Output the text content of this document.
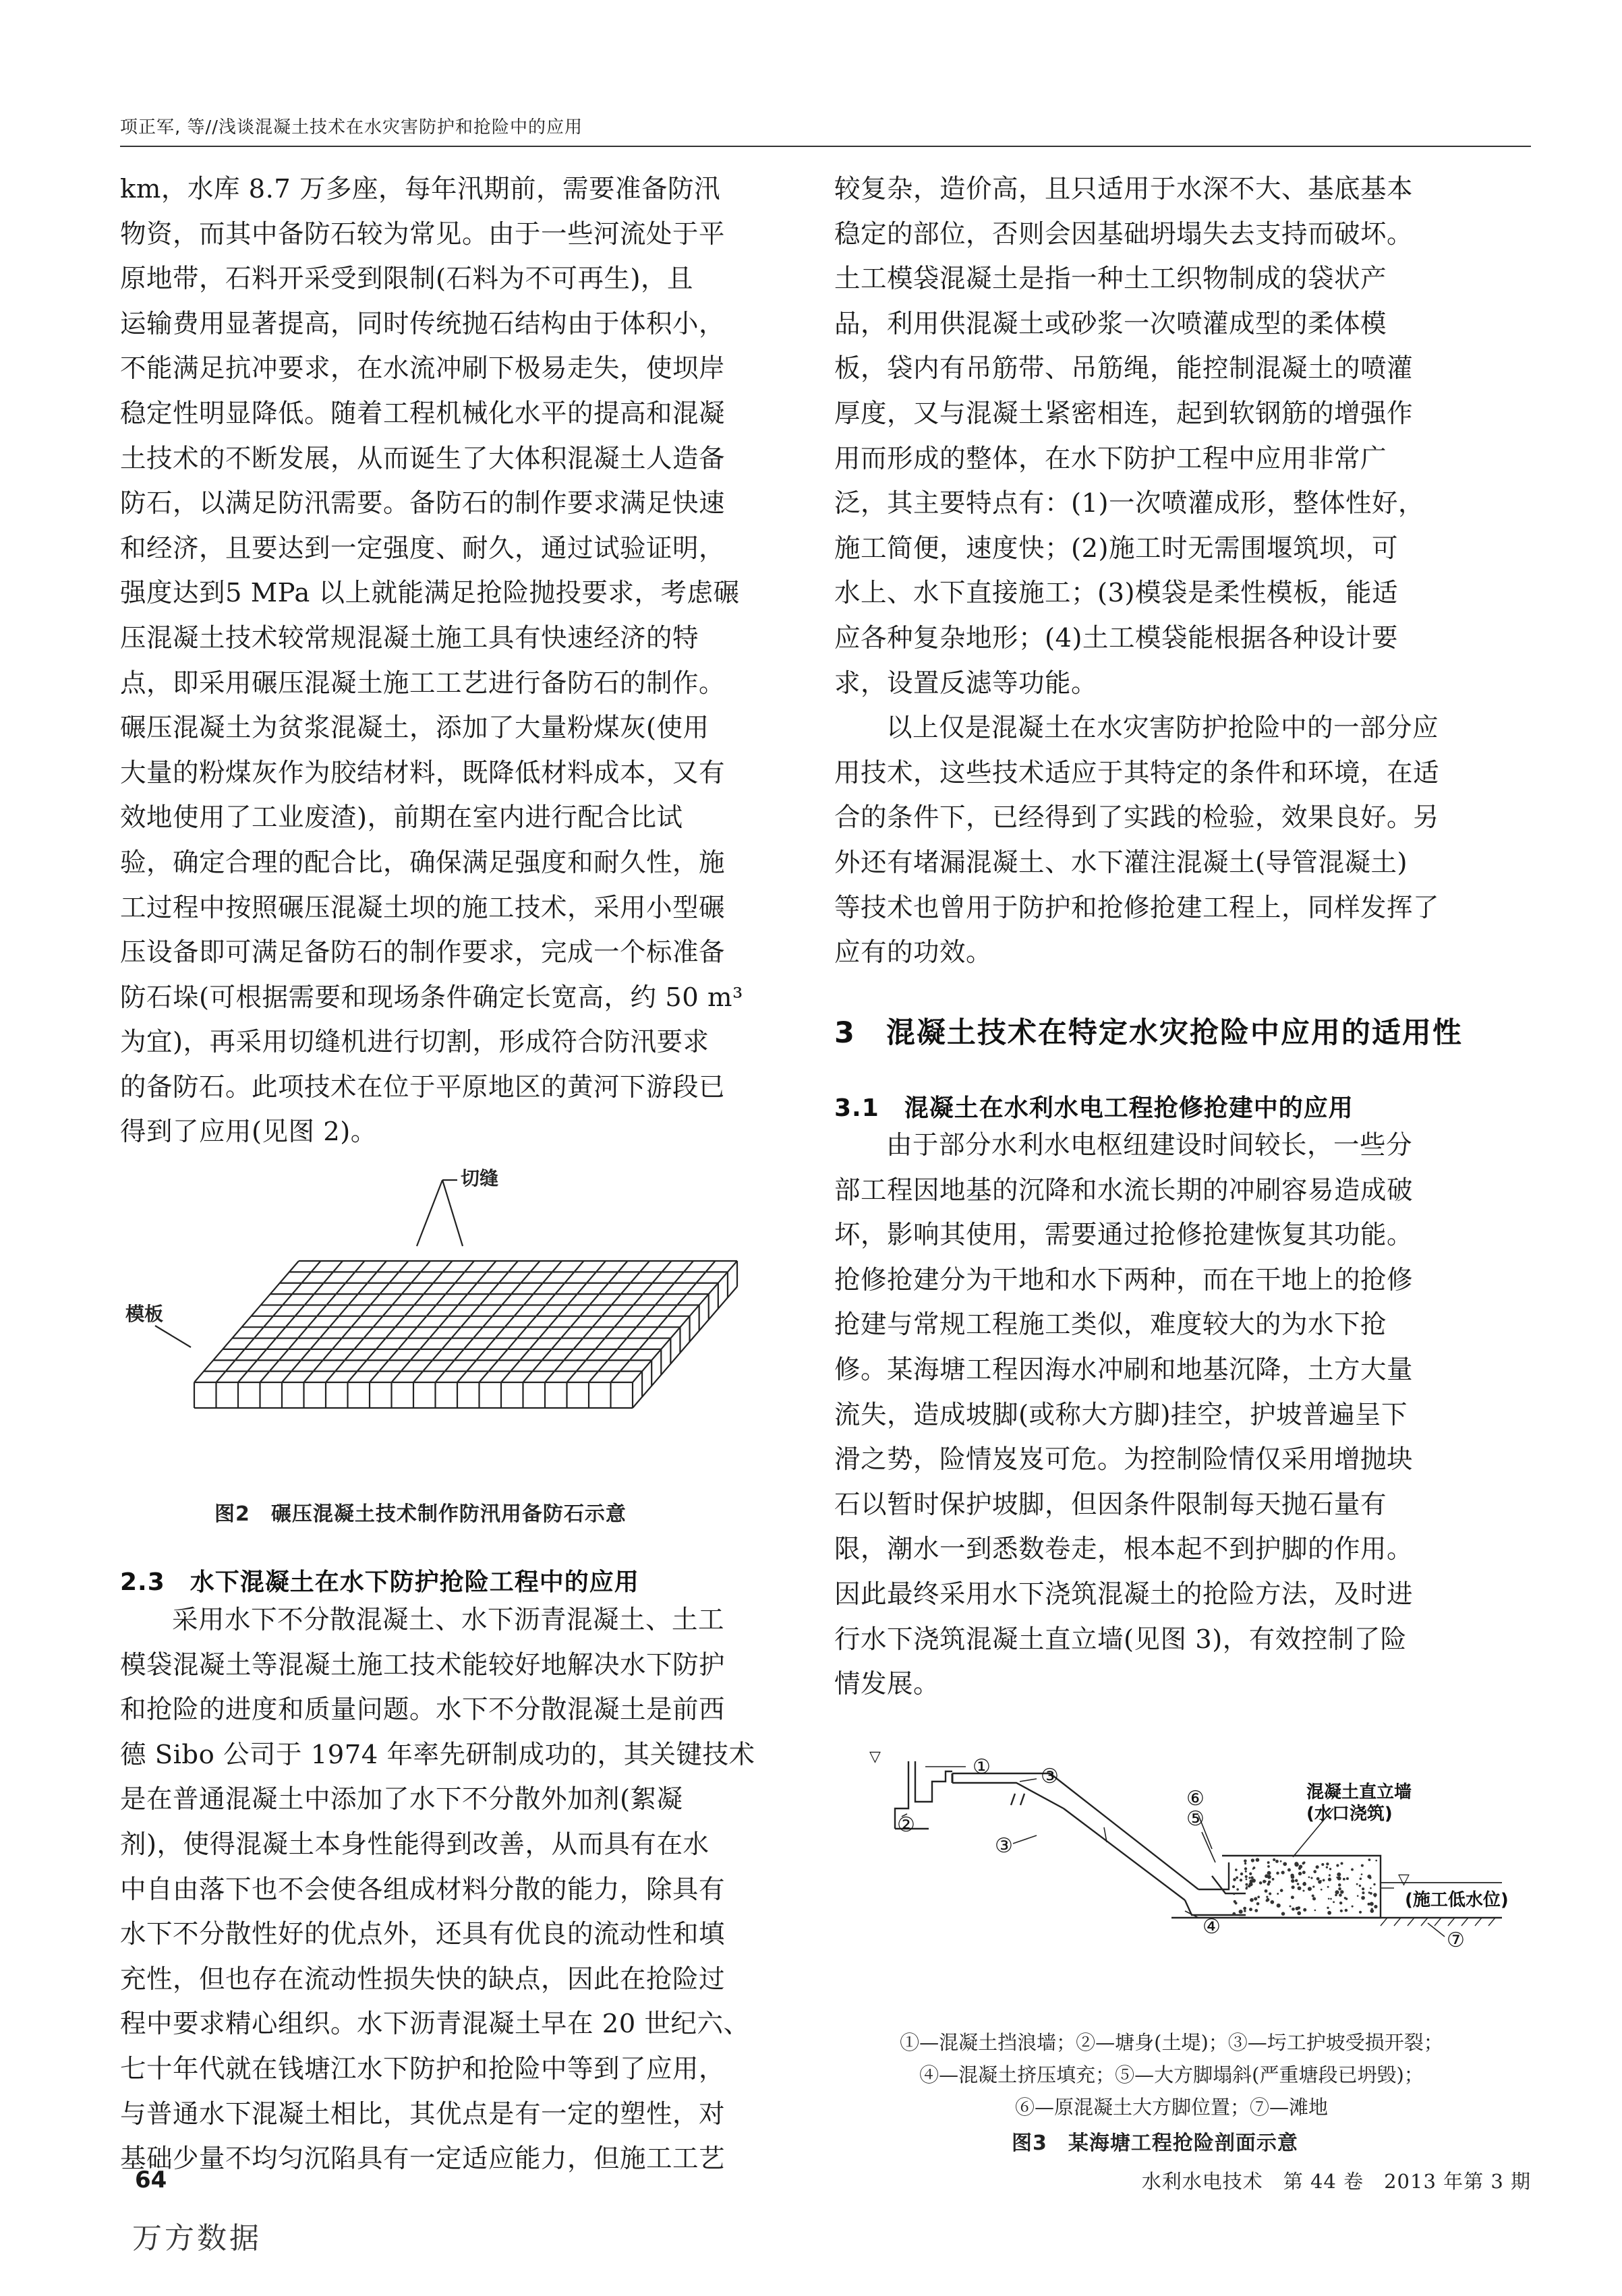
项正军, 等//浅谈混凝土技术在水灾害防护和抢险中的应用

km，水库 8.7 万多座，每年汛期前，需要准备防汛
物资，而其中备防石较为常见。由于一些河流处于平
原地带，石料开采受到限制(石料为不可再生)，且
运输费用显著提高，同时传统抛石结构由于体积小，
不能满足抗冲要求，在水流冲刷下极易走失，使坝岸
稳定性明显降低。随着工程机械化水平的提高和混凝
土技术的不断发展，从而诞生了大体积混凝土人造备
防石，以满足防汛需要。备防石的制作要求满足快速
和经济，且要达到一定强度、耐久，通过试验证明，
强度达到5 MPa 以上就能满足抢险抛投要求，考虑碾
压混凝土技术较常规混凝土施工具有快速经济的特
点，即采用碾压混凝土施工工艺进行备防石的制作。
碾压混凝土为贫浆混凝土，添加了大量粉煤灰(使用
大量的粉煤灰作为胶结材料，既降低材料成本，又有
效地使用了工业废渣)，前期在室内进行配合比试
验，确定合理的配合比，确保满足强度和耐久性，施
工过程中按照碾压混凝土坝的施工技术，采用小型碾
压设备即可满足备防石的制作要求，完成一个标准备
防石垛(可根据需要和现场条件确定长宽高，约 50 m³
为宜)，再采用切缝机进行切割，形成符合防汛要求
的备防石。此项技术在位于平原地区的黄河下游段已
得到了应用(见图 2)。

切缝
模板
图2　碾压混凝土技术制作防汛用备防石示意
2.3　水下混凝土在水下防护抢险工程中的应用

采用水下不分散混凝土、水下沥青混凝土、土工
模袋混凝土等混凝土施工技术能较好地解决水下防护
和抢险的进度和质量问题。水下不分散混凝土是前西
德 Sibo 公司于 1974 年率先研制成功的，其关键技术
是在普通混凝土中添加了水下不分散外加剂(絮凝
剂)，使得混凝土本身性能得到改善，从而具有在水
中自由落下也不会使各组成材料分散的能力，除具有
水下不分散性好的优点外，还具有优良的流动性和填
充性，但也存在流动性损失快的缺点，因此在抢险过
程中要求精心组织。水下沥青混凝土早在 20 世纪六、
七十年代就在钱塘江水下防护和抢险中等到了应用，
与普通水下混凝土相比，其优点是有一定的塑性，对
基础少量不均匀沉陷具有一定适应能力，但施工工艺

较复杂，造价高，且只适用于水深不大、基底基本
稳定的部位，否则会因基础坍塌失去支持而破坏。
土工模袋混凝土是指一种土工织物制成的袋状产
品，利用供混凝土或砂浆一次喷灌成型的柔体模
板，袋内有吊筋带、吊筋绳，能控制混凝土的喷灌
厚度，又与混凝土紧密相连，起到软钢筋的增强作
用而形成的整体，在水下防护工程中应用非常广
泛，其主要特点有：(1)一次喷灌成形，整体性好，
施工简便，速度快；(2)施工时无需围堰筑坝，可
水上、水下直接施工；(3)模袋是柔性模板，能适
应各种复杂地形；(4)土工模袋能根据各种设计要
求，设置反滤等功能。

以上仅是混凝土在水灾害防护抢险中的一部分应
用技术，这些技术适应于其特定的条件和环境，在适
合的条件下，已经得到了实践的检验，效果良好。另
外还有堵漏混凝土、水下灌注混凝土(导管混凝土)
等技术也曾用于防护和抢修抢建工程上，同样发挥了
应有的功效。

3　混凝土技术在特定水灾抢险中应用的适用性
3.1　混凝土在水利水电工程抢修抢建中的应用

由于部分水利水电枢纽建设时间较长，一些分
部工程因地基的沉降和水流长期的冲刷容易造成破
坏，影响其使用，需要通过抢修抢建恢复其功能。
抢修抢建分为干地和水下两种，而在干地上的抢修
抢建与常规工程施工类似，难度较大的为水下抢
修。某海塘工程因海水冲刷和地基沉降，土方大量
流失，造成坡脚(或称大方脚)挂空，护坡普遍呈下
滑之势，险情岌岌可危。为控制险情仅采用增抛块
石以暂时保护坡脚，但因条件限制每天抛石量有
限，潮水一到悉数卷走，根本起不到护脚的作用。
因此最终采用水下浇筑混凝土的抢险方法，及时进
行水下浇筑混凝土直立墙(见图 3)，有效控制了险
情发展。

①
②
③
③
④
⑤
⑥
⑦
▽
▽
混凝土直立墙
(水口浇筑)
(施工低水位)
①—混凝土挡浪墙；②—塘身(土堤)；③—圬工护坡受损开裂；
④—混凝土挤压填充；⑤—大方脚塌斜(严重塘段已坍毁)；
⑥—原混凝土大方脚位置；⑦—滩地
图3　某海塘工程抢险剖面示意
64	水利水电技术　第 44 卷　2013 年第 3 期
万方数据
